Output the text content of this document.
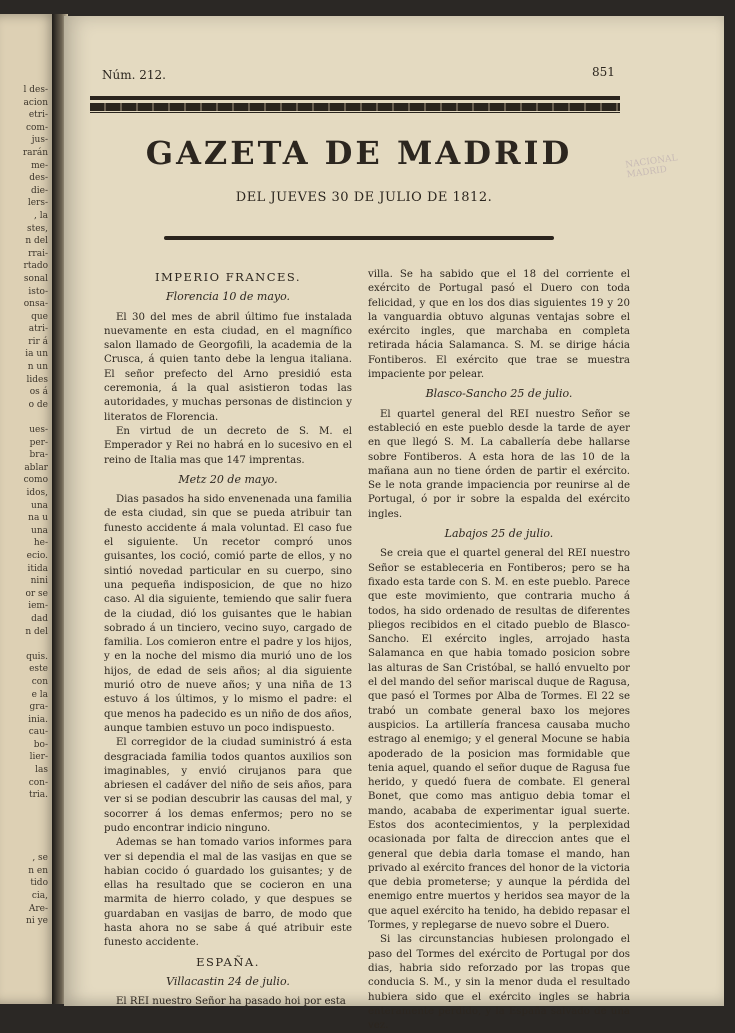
l des-
acion
etri-
com-
jus-
rarán
me-
des-
die-
lers-
, la
stes,
n del
rrai-
rtado
sonal
isto-
onsa-
que
atri-
rir á
ia un
n un
lides
os á
o de

ues-
per-
bra-
ablar
como
idos,
una
na u
una
he-
ecio.
itida
nini
or se
iem-
dad
n del

quis.
este
con
e la
gra-
inia.
cau-
bo-
lier-
las
con-
tria.

, se
n en
tido
cia,
Are-
ni ye
Núm. 212.	851
GAZETA DE MADRID
DEL JUEVES 30 DE JULIO DE 1812.
NACIONAL MADRID
IMPERIO FRANCES.
Florencia 10 de mayo.

El 30 del mes de abril último fue instalada nuevamente en esta ciudad, en el magnífico salon llamado de Georgofili, la academia de la Crusca, á quien tanto debe la lengua italiana. El señor prefecto del Arno presidió esta ceremonia, á la qual asistieron todas las autoridades, y muchas personas de distincion y literatos de Florencia.

En virtud de un decreto de S. M. el Emperador y Rei no habrá en lo sucesivo en el reino de Italia mas que 147 imprentas.

Metz 20 de mayo.

Dias pasados ha sido envenenada una familia de esta ciudad, sin que se pueda atribuir tan funesto accidente á mala voluntad. El caso fue el siguiente. Un recetor compró unos guisantes, los coció, comió parte de ellos, y no sintió novedad particular en su cuerpo, sino una pequeña indisposicion, de que no hizo caso. Al dia siguiente, temiendo que salir fuera de la ciudad, dió los guisantes que le habian sobrado á un tinciero, vecino suyo, cargado de familia. Los comieron entre el padre y los hijos, y en la noche del mismo dia murió uno de los hijos, de edad de seis años; al dia siguiente murió otro de nueve años; y una niña de 13 estuvo á los últimos, y lo mismo el padre: el que menos ha padecido es un niño de dos años, aunque tambien estuvo un poco indispuesto.

El corregidor de la ciudad suministró á esta desgraciada familia todos quantos auxilios son imaginables, y envió cirujanos para que abriesen el cadáver del niño de seis años, para ver si se podian descubrir las causas del mal, y socorrer á los demas enfermos; pero no se pudo encontrar indicio ninguno.

Ademas se han tomado varios informes para ver si dependia el mal de las vasijas en que se habian cocido ó guardado los guisantes; y de ellas ha resultado que se cocieron en una marmita de hierro colado, y que despues se guardaban en vasijas de barro, de modo que hasta ahora no se sabe á qué atribuir este funesto accidente.

ESPAÑA.
Villacastin 24 de julio.

El REI nuestro Señor ha pasado hoi por esta

villa. Se ha sabido que el 18 del corriente el exército de Portugal pasó el Duero con toda felicidad, y que en los dos dias siguientes 19 y 20 la vanguardia obtuvo algunas ventajas sobre el exército ingles, que marchaba en completa retirada hácia Salamanca. S. M. se dirige hácia Fontiberos. El exército que trae se muestra impaciente por pelear.

Blasco-Sancho 25 de julio.

El quartel general del REI nuestro Señor se estableció en este pueblo desde la tarde de ayer en que llegó S. M. La caballería debe hallarse sobre Fontiberos. A esta hora de las 10 de la mañana aun no tiene órden de partir el exército. Se le nota grande impaciencia por reunirse al de Portugal, ó por ir sobre la espalda del exército ingles.

Labajos 25 de julio.

Se creia que el quartel general del REI nuestro Señor se estableceria en Fontiberos; pero se ha fixado esta tarde con S. M. en este pueblo. Parece que este movimiento, que contraria mucho á todos, ha sido ordenado de resultas de diferentes pliegos recibidos en el citado pueblo de Blasco-Sancho. El exército ingles, arrojado hasta Salamanca en que habia tomado posicion sobre las alturas de San Cristóbal, se halló envuelto por el del mando del señor mariscal duque de Ragusa, que pasó el Tormes por Alba de Tormes. El 22 se trabó un combate general baxo los mejores auspicios. La artillería francesa causaba mucho estrago al enemigo; y el general Mocune se habia apoderado de la posicion mas formidable que tenia aquel, quando el señor duque de Ragusa fue herido, y quedó fuera de combate. El general Bonet, que como mas antiguo debia tomar el mando, acababa de experimentar igual suerte. Estos dos acontecimientos, y la perplexidad ocasionada por falta de direccion antes que el general que debia darla tomase el mando, han privado al exército frances del honor de la victoria que debia prometerse; y aunque la pérdida del enemigo entre muertos y heridos sea mayor de la que aquel exército ha tenido, ha debido repasar el Tormes, y replegarse de nuevo sobre el Duero.

Si las circunstancias hubiesen prolongado el paso del Tormes del exército de Portugal por dos dias, habria sido reforzado por las tropas que conducia S. M., y sin la menor duda el resultado hubiera sido que el exército ingles se habria enteramente perdido, y la España salvado de una vez.
